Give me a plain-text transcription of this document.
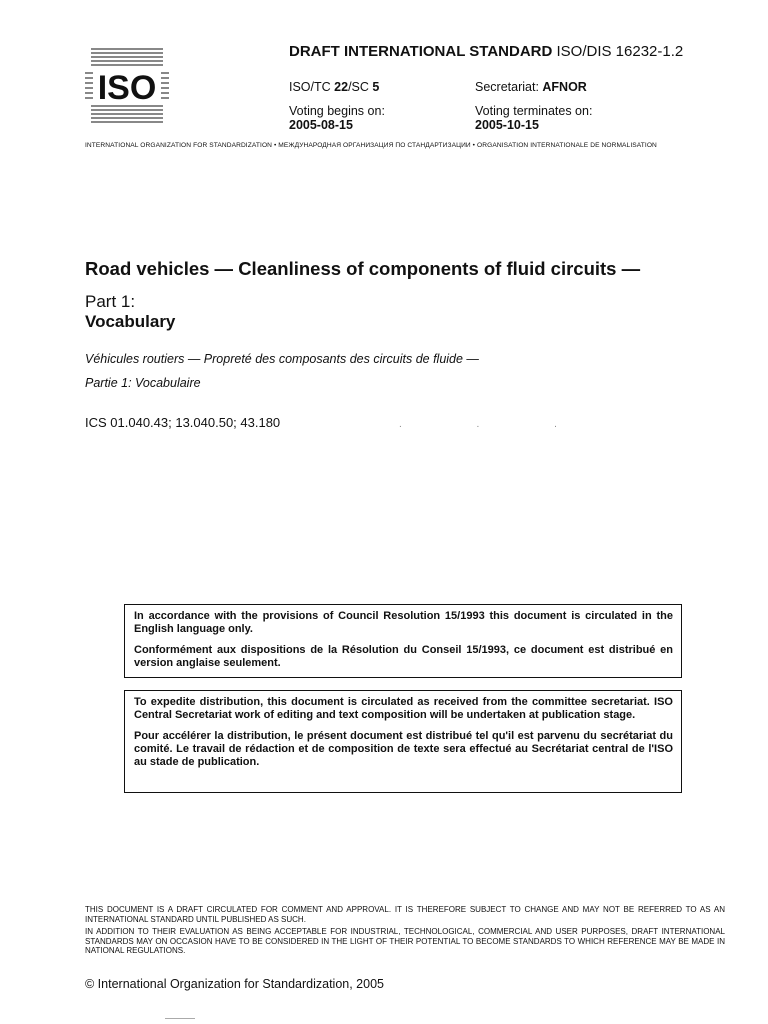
ISO
DRAFT INTERNATIONAL STANDARD ISO/DIS 16232-1.2
ISO/TC 22/SC 5	Secretariat: AFNOR
Voting begins on:
2005-08-15
Voting terminates on:
2005-10-15
INTERNATIONAL ORGANIZATION FOR STANDARDIZATION • МЕЖДУНАРОДНАЯ ОРГАНИЗАЦИЯ ПО СТАНДАРТИЗАЦИИ • ORGANISATION INTERNATIONALE DE NORMALISATION
Road vehicles — Cleanliness of components of fluid circuits —
Part 1:
Vocabulary
Véhicules routiers — Propreté des composants des circuits de fluide —
Partie 1: Vocabulaire
ICS 01.040.43; 13.040.50; 43.180	. . .

In accordance with the provisions of Council Resolution 15/1993 this document is circulated in the English language only.

Conformément aux dispositions de la Résolution du Conseil 15/1993, ce document est distribué en version anglaise seulement.

To expedite distribution, this document is circulated as received from the committee secretariat. ISO Central Secretariat work of editing and text composition will be undertaken at publication stage.

Pour accélérer la distribution, le présent document est distribué tel qu'il est parvenu du secrétariat du comité. Le travail de rédaction et de composition de texte sera effectué au Secrétariat central de l'ISO au stade de publication.

THIS DOCUMENT IS A DRAFT CIRCULATED FOR COMMENT AND APPROVAL. IT IS THEREFORE SUBJECT TO CHANGE AND MAY NOT BE REFERRED TO AS AN INTERNATIONAL STANDARD UNTIL PUBLISHED AS SUCH.

IN ADDITION TO THEIR EVALUATION AS BEING ACCEPTABLE FOR INDUSTRIAL, TECHNOLOGICAL, COMMERCIAL AND USER PURPOSES, DRAFT INTERNATIONAL STANDARDS MAY ON OCCASION HAVE TO BE CONSIDERED IN THE LIGHT OF THEIR POTENTIAL TO BECOME STANDARDS TO WHICH REFERENCE MAY BE MADE IN NATIONAL REGULATIONS.

© International Organization for Standardization, 2005
